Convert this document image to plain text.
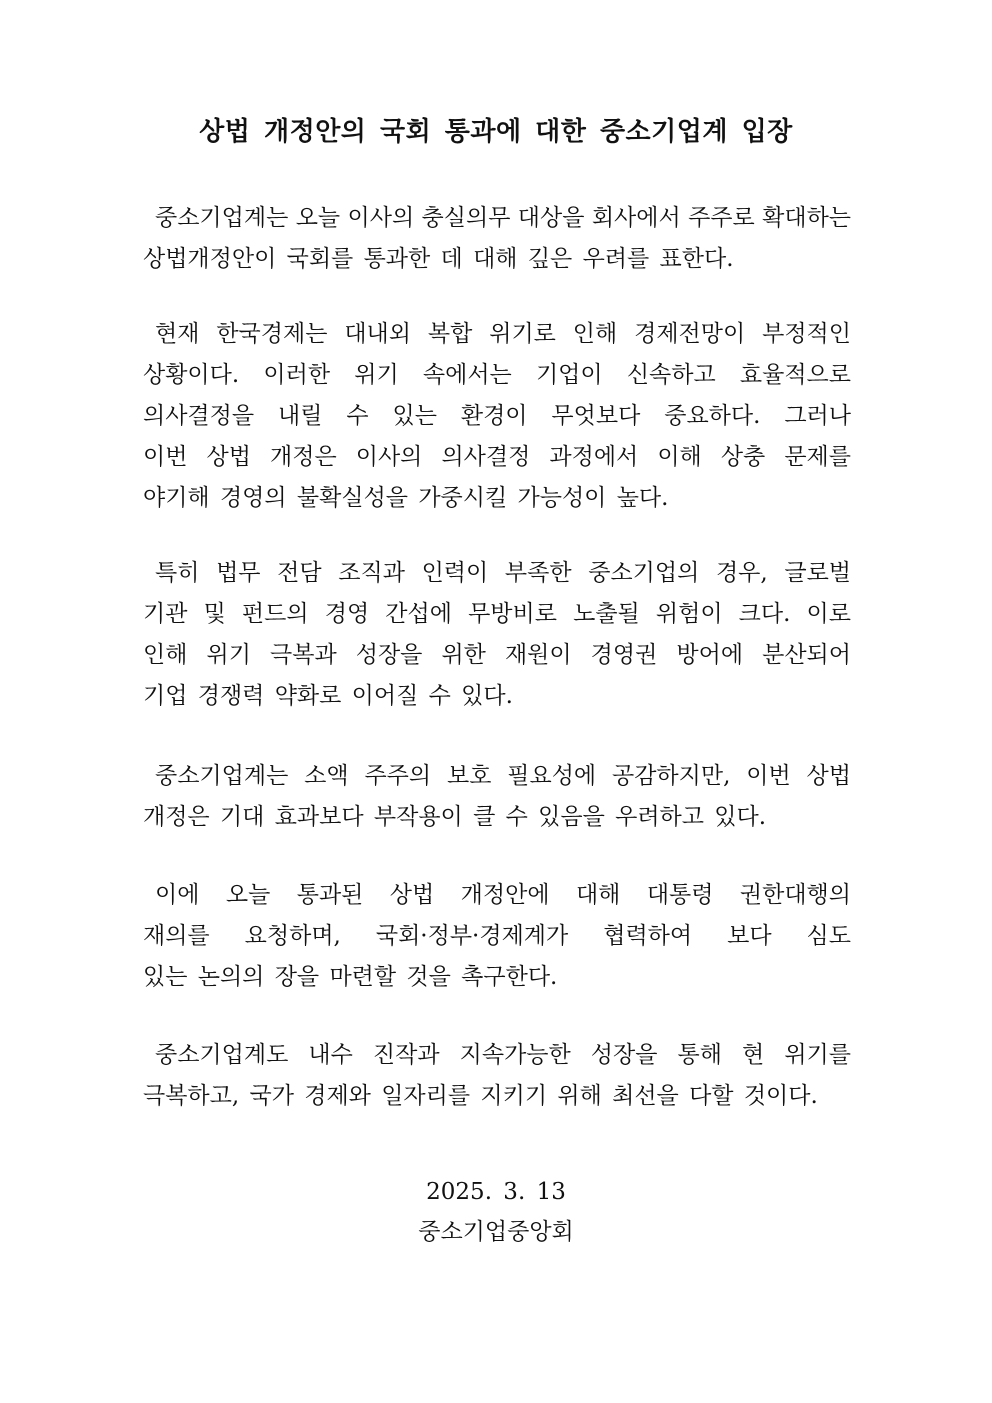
상법 개정안의 국회 통과에 대한 중소기업계 입장
중소기업계는 오늘 이사의 충실의무 대상을 회사에서 주주로 확대하는
상법개정안이 국회를 통과한 데 대해 깊은 우려를 표한다.
현재 한국경제는 대내외 복합 위기로 인해 경제전망이 부정적인
상황이다. 이러한 위기 속에서는 기업이 신속하고 효율적으로
의사결정을 내릴 수 있는 환경이 무엇보다 중요하다. 그러나
이번 상법 개정은 이사의 의사결정 과정에서 이해 상충 문제를
야기해 경영의 불확실성을 가중시킬 가능성이 높다.
특히 법무 전담 조직과 인력이 부족한 중소기업의 경우, 글로벌
기관 및 펀드의 경영 간섭에 무방비로 노출될 위험이 크다. 이로
인해 위기 극복과 성장을 위한 재원이 경영권 방어에 분산되어
기업 경쟁력 약화로 이어질 수 있다.
중소기업계는 소액 주주의 보호 필요성에 공감하지만, 이번 상법
개정은 기대 효과보다 부작용이 클 수 있음을 우려하고 있다.
이에 오늘 통과된 상법 개정안에 대해 대통령 권한대행의
재의를 요청하며, 국회·정부·경제계가 협력하여 보다 심도
있는 논의의 장을 마련할 것을 촉구한다.
중소기업계도 내수 진작과 지속가능한 성장을 통해 현 위기를
극복하고, 국가 경제와 일자리를 지키기 위해 최선을 다할 것이다.
2025. 3. 13
중소기업중앙회
